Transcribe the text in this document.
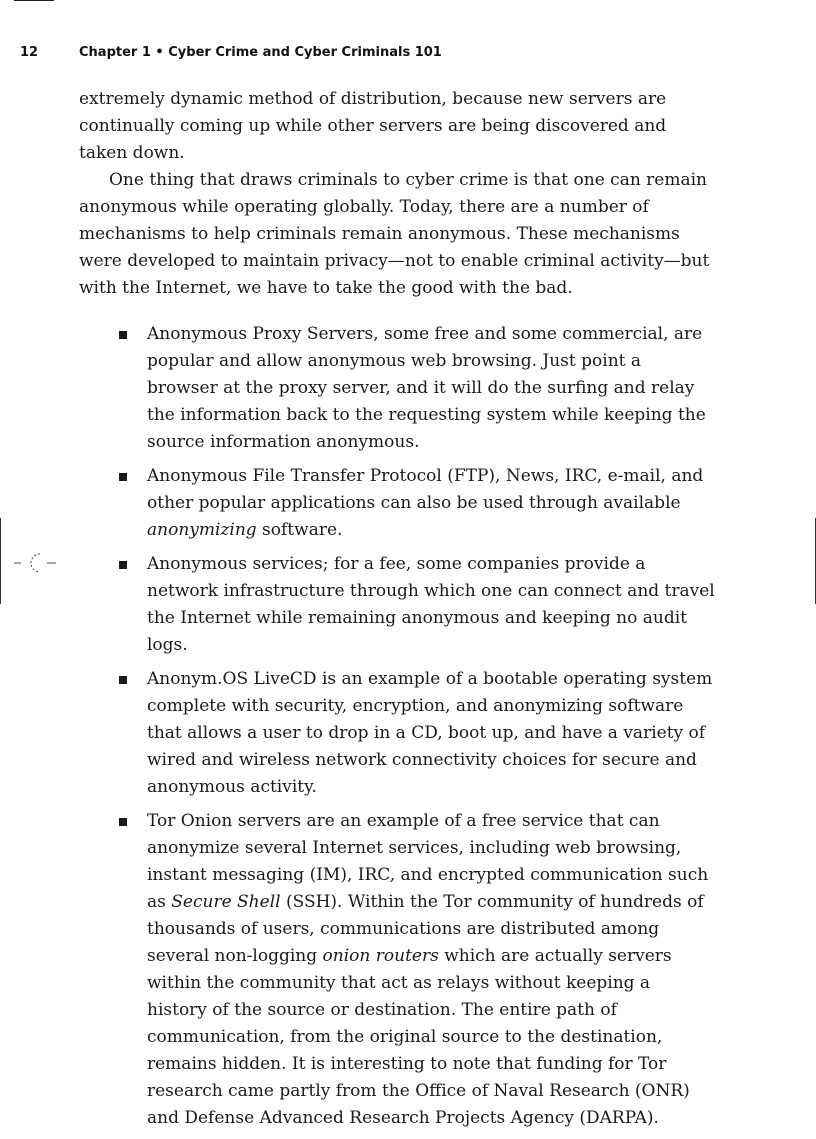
12	Chapter 1 • Cyber Crime and Cyber Criminals 101

extremely dynamic method of distribution, because new servers are continually coming up while other servers are being discovered and taken down.

One thing that draws criminals to cyber crime is that one can remain anonymous while operating globally. Today, there are a number of mechanisms to help criminals remain anonymous. These mechanisms were developed to maintain privacy—not to enable criminal activity—but with the Internet, we have to take the good with the bad.

Anonymous Proxy Servers, some free and some commercial, are popular and allow anonymous web browsing. Just point a browser at the proxy server, and it will do the surfing and relay the information back to the requesting system while keeping the source information anonymous.
Anonymous File Transfer Protocol (FTP), News, IRC, e-mail, and other popular applications can also be used through available anonymizing software.
Anonymous services; for a fee, some companies provide a network infrastructure through which one can connect and travel the Internet while remaining anonymous and keeping no audit logs.
Anonym.OS LiveCD is an example of a bootable operating system complete with security, encryption, and anonymizing software that allows a user to drop in a CD, boot up, and have a variety of wired and wireless network connectivity choices for secure and anonymous activity.
Tor Onion servers are an example of a free service that can anonymize several Internet services, including web browsing, instant messaging (IM), IRC, and encrypted communication such as Secure Shell (SSH). Within the Tor community of hundreds of thousands of users, communications are distributed among several non-logging onion routers which are actually servers within the community that act as relays without keeping a history of the source or destination. The entire path of communication, from the original source to the destination, remains hidden. It is interesting to note that funding for Tor research came partly from the Office of Naval Research (ONR) and Defense Advanced Research Projects Agency (DARPA).
